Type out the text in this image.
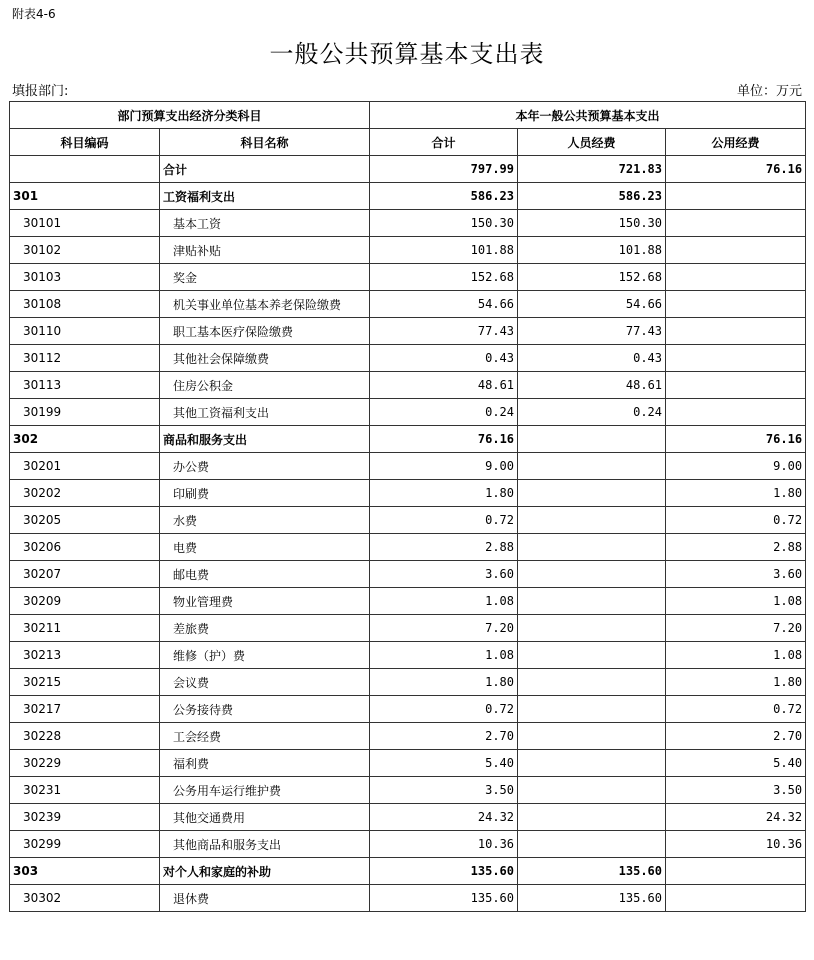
附表4-6
一般公共预算基本支出表
填报部门:	单位：万元
部门预算支出经济分类科目		本年一般公共预算基本支出		
科目编码	科目名称	合计	人员经费	公用经费
	合计	797.99	721.83	76.16
301	工资福利支出	586.23	586.23	
30101	基本工资	150.30	150.30	
30102	津贴补贴	101.88	101.88	
30103	奖金	152.68	152.68	
30108	机关事业单位基本养老保险缴费	54.66	54.66	
30110	职工基本医疗保险缴费	77.43	77.43	
30112	其他社会保障缴费	0.43	0.43	
30113	住房公积金	48.61	48.61	
30199	其他工资福利支出	0.24	0.24	
302	商品和服务支出	76.16		76.16
30201	办公费	9.00		9.00
30202	印刷费	1.80		1.80
30205	水费	0.72		0.72
30206	电费	2.88		2.88
30207	邮电费	3.60		3.60
30209	物业管理费	1.08		1.08
30211	差旅费	7.20		7.20
30213	维修（护）费	1.08		1.08
30215	会议费	1.80		1.80
30217	公务接待费	0.72		0.72
30228	工会经费	2.70		2.70
30229	福利费	5.40		5.40
30231	公务用车运行维护费	3.50		3.50
30239	其他交通费用	24.32		24.32
30299	其他商品和服务支出	10.36		10.36
303	对个人和家庭的补助	135.60	135.60	
30302	退休费	135.60	135.60	
